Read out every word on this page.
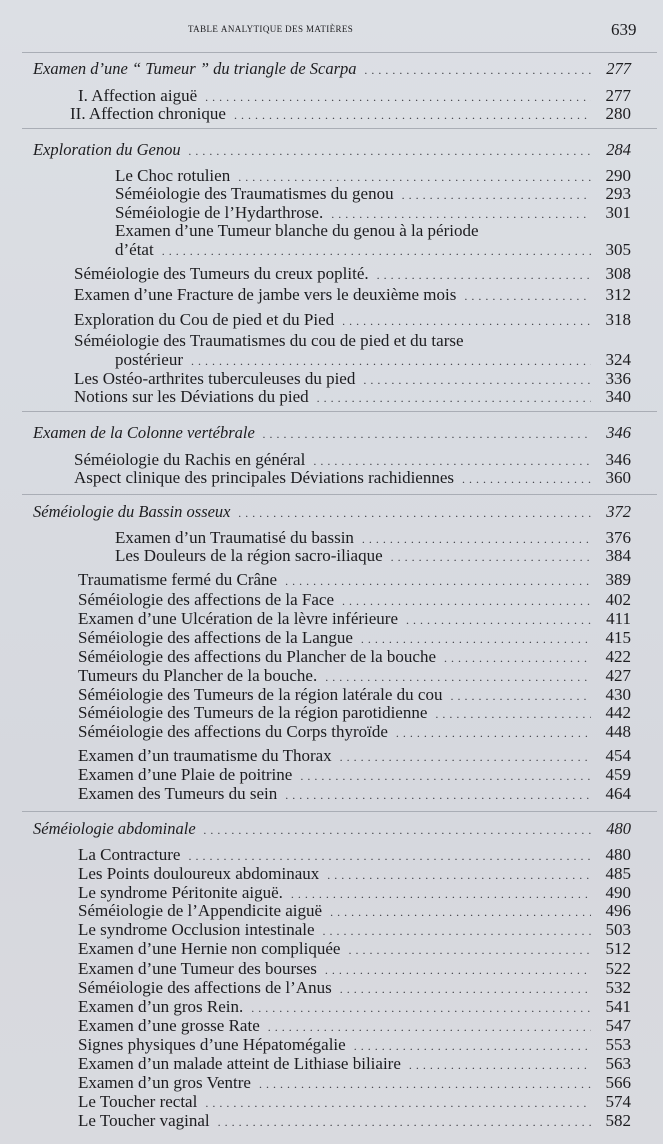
table analytique des matières	639
Examen d’une “ Tumeur ” du triangle de Scarpa . . .	277
I. Affection aiguë . . .	277
II. Affection chronique . . .	280
Exploration du Genou . . .	284
Le Choc rotulien . . .	290
Séméiologie des Traumatismes du genou . . .	293
Séméiologie de l’Hydarthrose. . . .	301
Examen d’une Tumeur blanche du genou à la période
d’état . . .	305
Séméiologie des Tumeurs du creux poplité. . . .	308
Examen d’une Fracture de jambe vers le deuxième mois . . .	312
Exploration du Cou de pied et du Pied . . .	318
Séméiologie des Traumatismes du cou de pied et du tarse
postérieur . . .	324
Les Ostéo-arthrites tuberculeuses du pied . . .	336
Notions sur les Déviations du pied . . .	340
Examen de la Colonne vertébrale . . .	346
Séméiologie du Rachis en général . . .	346
Aspect clinique des principales Déviations rachidiennes . . .	360
Séméiologie du Bassin osseux . . .	372
Examen d’un Traumatisé du bassin . . .	376
Les Douleurs de la région sacro-iliaque . . .	384
Traumatisme fermé du Crâne . . .	389
Séméiologie des affections de la Face . . .	402
Examen d’une Ulcération de la lèvre inférieure . . .	411
Séméiologie des affections de la Langue . . .	415
Séméiologie des affections du Plancher de la bouche . . .	422
Tumeurs du Plancher de la bouche. . . .	427
Séméiologie des Tumeurs de la région latérale du cou . . .	430
Séméiologie des Tumeurs de la région parotidienne . . .	442
Séméiologie des affections du Corps thyroïde . . .	448
Examen d’un traumatisme du Thorax . . .	454
Examen d’une Plaie de poitrine . . .	459
Examen des Tumeurs du sein . . .	464
Séméiologie abdominale . . .	480
La Contracture . . .	480
Les Points douloureux abdominaux . . .	485
Le syndrome Péritonite aiguë. . . .	490
Séméiologie de l’Appendicite aiguë . . .	496
Le syndrome Occlusion intestinale . . .	503
Examen d’une Hernie non compliquée . . .	512
Examen d’une Tumeur des bourses . . .	522
Séméiologie des affections de l’Anus . . .	532
Examen d’un gros Rein. . . .	541
Examen d’une grosse Rate . . .	547
Signes physiques d’une Hépatomégalie . . .	553
Examen d’un malade atteint de Lithiase biliaire . . .	563
Examen d’un gros Ventre . . .	566
Le Toucher rectal . . .	574
Le Toucher vaginal . . .	582
